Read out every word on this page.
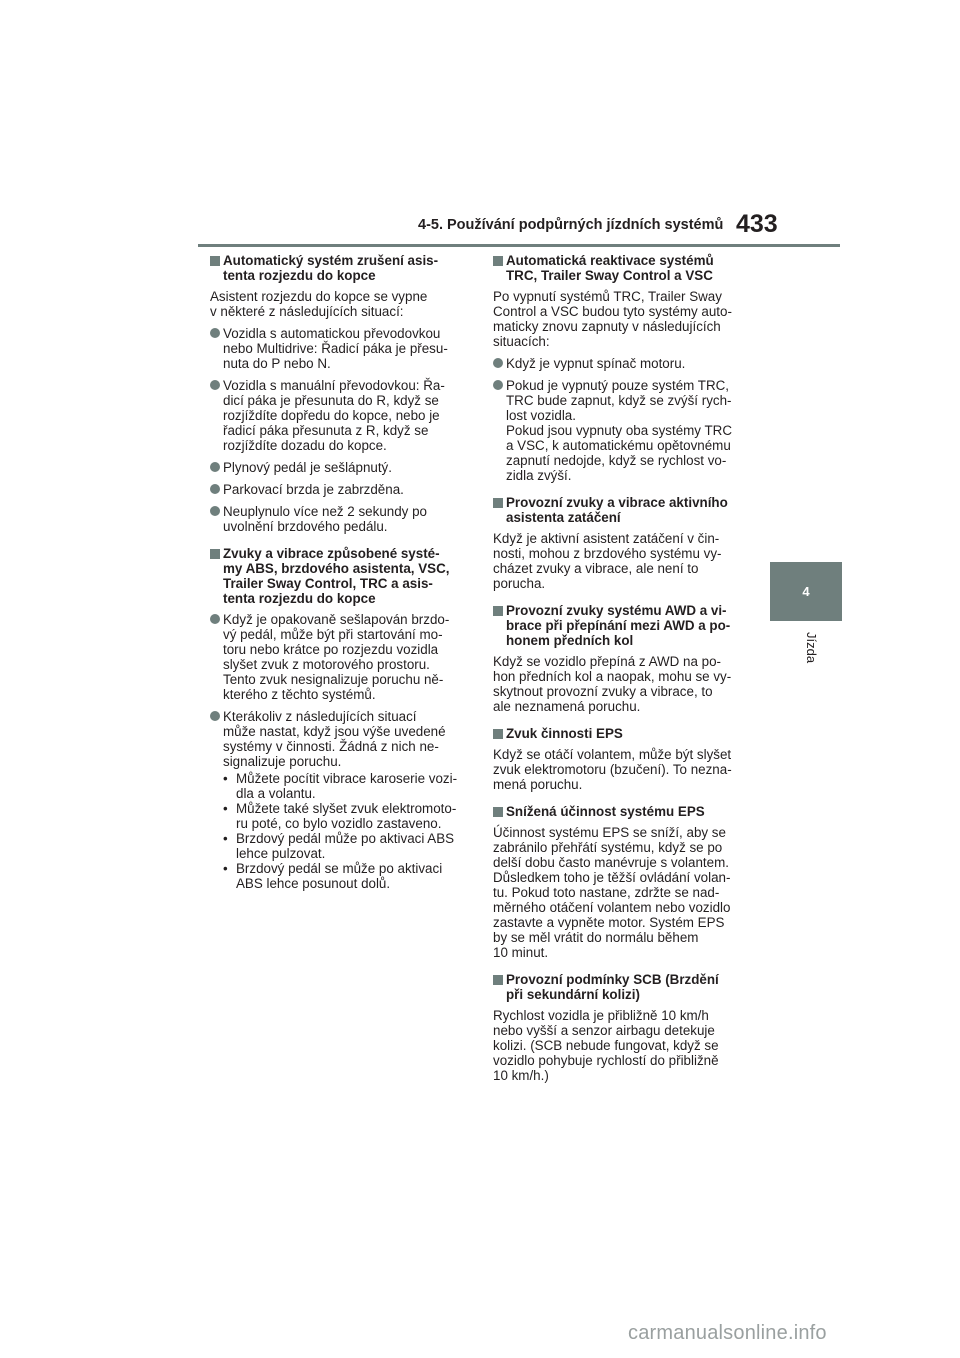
4-5. Používání podpůrných jízdních systémů 433
4
Jízda
Automatický systém zrušení asis-
tenta rozjezdu do kopce
Asistent rozjezdu do kopce se vypne
v některé z následujících situací:
Vozidla s automatickou převodovkou
nebo Multidrive: Řadicí páka je přesu-
nuta do P nebo N.
Vozidla s manuální převodovkou: Řa-
dicí páka je přesunuta do R, když se
rozjíždíte dopředu do kopce, nebo je
řadicí páka přesunuta z R, když se
rozjíždíte dozadu do kopce.
Plynový pedál je sešlápnutý.
Parkovací brzda je zabrzděna.
Neuplynulo více než 2 sekundy po
uvolnění brzdového pedálu.
Zvuky a vibrace způsobené systé-
my ABS, brzdového asistenta, VSC,
Trailer Sway Control, TRC a asis-
tenta rozjezdu do kopce
Když je opakovaně sešlapován brzdo-
vý pedál, může být při startování mo-
toru nebo krátce po rozjezdu vozidla
slyšet zvuk z motorového prostoru.
Tento zvuk nesignalizuje poruchu ně-
kterého z těchto systémů.
Kterákoliv z následujících situací
může nastat, když jsou výše uvedené
systémy v činnosti. Žádná z nich ne-
signalizuje poruchu.
• Můžete pocítit vibrace karoserie vozi-
dla a volantu.
• Můžete také slyšet zvuk elektromoto-
ru poté, co bylo vozidlo zastaveno.
• Brzdový pedál může po aktivaci ABS
lehce pulzovat.
• Brzdový pedál se může po aktivaci
ABS lehce posunout dolů.
Automatická reaktivace systémů
TRC, Trailer Sway Control a VSC
Po vypnutí systémů TRC, Trailer Sway
Control a VSC budou tyto systémy auto-
maticky znovu zapnuty v následujících
situacích:
Když je vypnut spínač motoru.
Pokud je vypnutý pouze systém TRC,
TRC bude zapnut, když se zvýší rych-
lost vozidla.
Pokud jsou vypnuty oba systémy TRC
a VSC, k automatickému opětovnému
zapnutí nedojde, když se rychlost vo-
zidla zvýší.
Provozní zvuky a vibrace aktivního
asistenta zatáčení
Když je aktivní asistent zatáčení v čin-
nosti, mohou z brzdového systému vy-
cházet zvuky a vibrace, ale není to
porucha.
Provozní zvuky systému AWD a vi-
brace při přepínání mezi AWD a po-
honem předních kol
Když se vozidlo přepíná z AWD na po-
hon předních kol a naopak, mohu se vy-
skytnout provozní zvuky a vibrace, to
ale neznamená poruchu.
Zvuk činnosti EPS
Když se otáčí volantem, může být slyšet
zvuk elektromotoru (bzučení). To nezna-
mená poruchu.
Snížená účinnost systému EPS
Účinnost systému EPS se sníží, aby se
zabránilo přehřátí systému, když se po
delší dobu často manévruje s volantem.
Důsledkem toho je těžší ovládání volan-
tu. Pokud toto nastane, zdržte se nad-
měrného otáčení volantem nebo vozidlo
zastavte a vypněte motor. Systém EPS
by se měl vrátit do normálu během
10 minut.
Provozní podmínky SCB (Brzdění
při sekundární kolizi)
Rychlost vozidla je přibližně 10 km/h
nebo vyšší a senzor airbagu detekuje
kolizi. (SCB nebude fungovat, když se
vozidlo pohybuje rychlostí do přibližně
10 km/h.)
carmanualsonline.info
